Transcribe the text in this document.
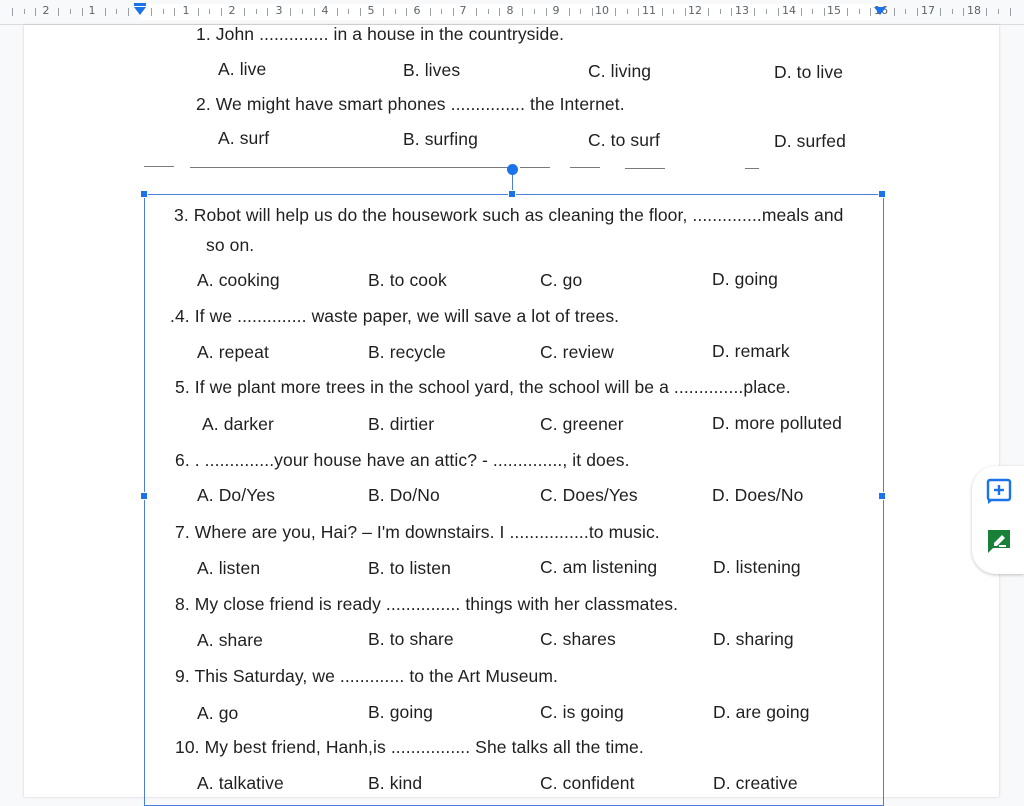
2	1	1	2	3	4	5	6	7	8	9	10	11	12	13	14	15	16	17	18
1. John .............. in a house in the countryside.
A. live	B. lives	C. living	D. to live
2. We might have smart phones ............... the Internet.
A. surf	B. surfing	C. to surf	D. surfed
3. Robot will help us do the housework such as cleaning the floor, ..............meals and
so on.
A. cooking	B. to cook	C. go	D. going
.4. If we .............. waste paper, we will save a lot of trees.
A. repeat	B. recycle	C. review	D. remark
5. If we plant more trees in the school yard, the school will be a ..............place.
A. darker	B. dirtier	C. greener	D. more polluted
6. . ..............your house have an attic? - .............., it does.
A. Do/Yes	B. Do/No	C. Does/Yes	D. Does/No
7. Where are you, Hai? – I'm downstairs. I ................to music.
A. listen	B. to listen	C. am listening	D. listening
8. My close friend is ready ............... things with her classmates.
A. share	B. to share	C. shares	D. sharing
9. This Saturday, we ............. to the Art Museum.
A. go	B. going	C. is going	D. are going
10. My best friend, Hanh,is ................ She talks all the time.
A. talkative	B. kind	C. confident	D. creative
